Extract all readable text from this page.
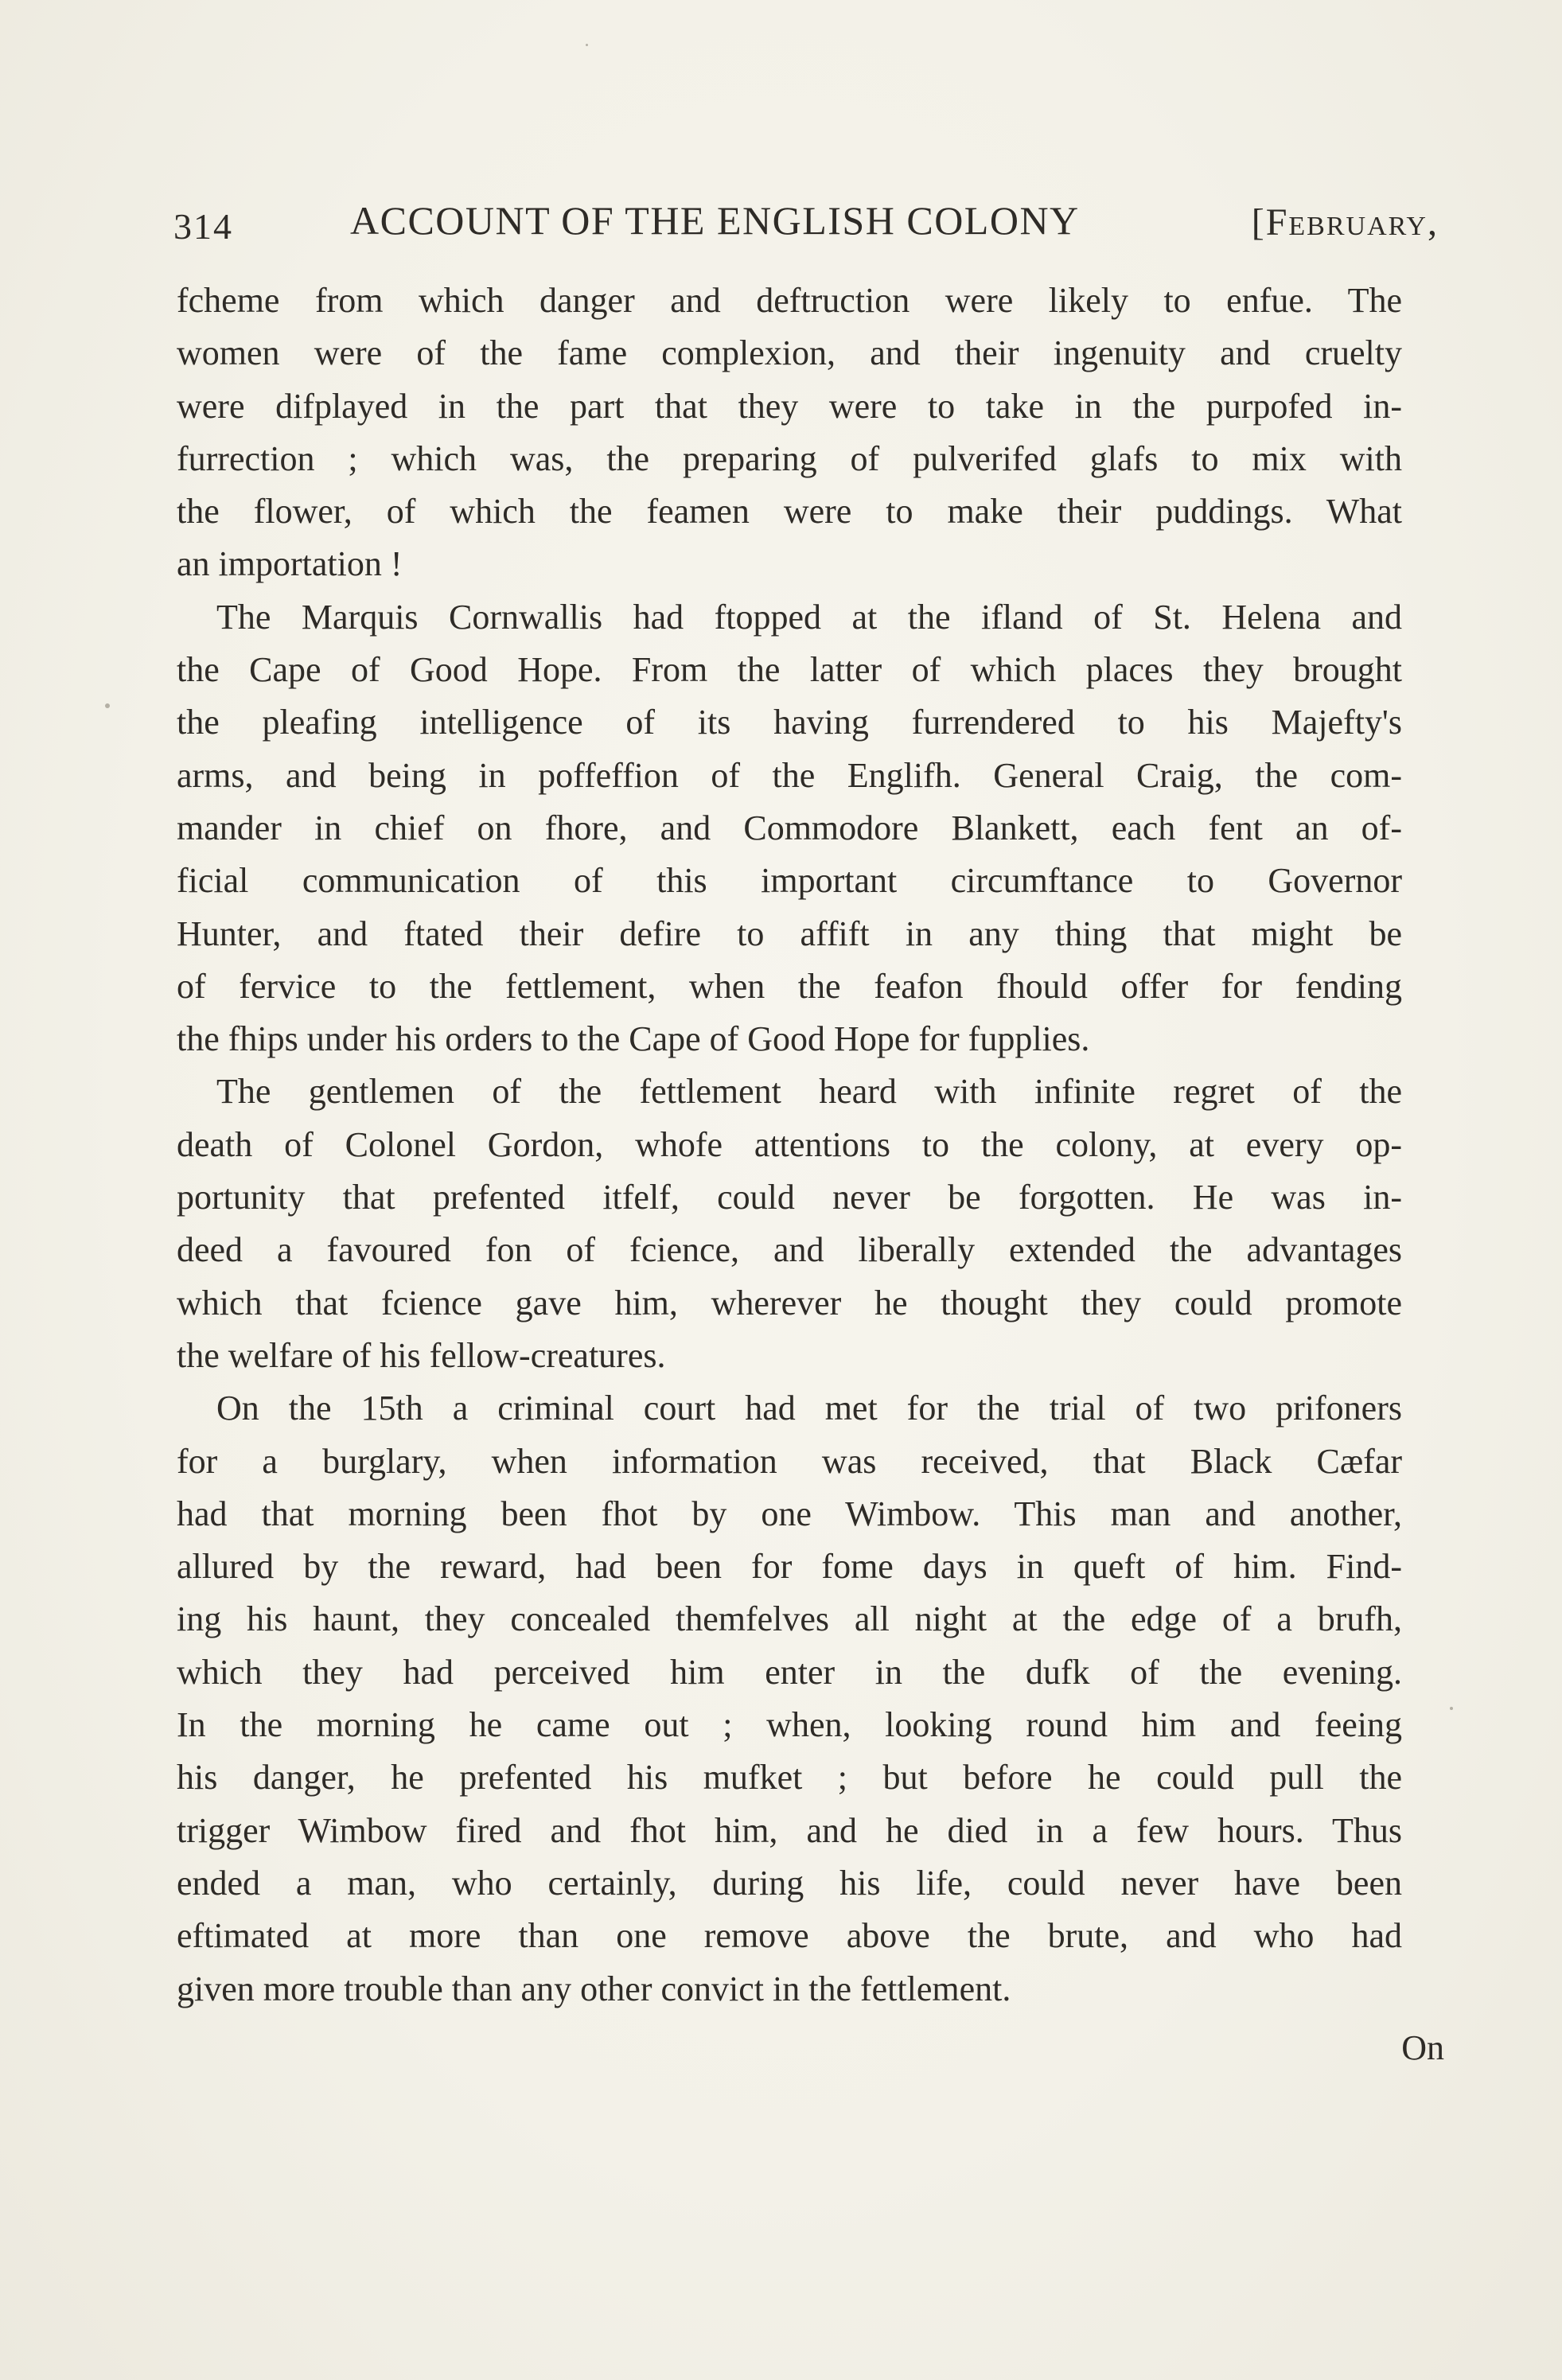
314	ACCOUNT OF THE ENGLISH COLONY	[February,
fcheme from which danger and deftruction were likely to enfue. The
women were of the fame complexion, and their ingenuity and cruelty
were difplayed in the part that they were to take in the purpofed in-
furrection ; which was, the preparing of pulverifed glafs to mix with
the flower, of which the feamen were to make their puddings. What
an importation !
The Marquis Cornwallis had ftopped at the ifland of St. Helena and
the Cape of Good Hope. From the latter of which places they brought
the pleafing intelligence of its having furrendered to his Majefty's
arms, and being in poffeffion of the Englifh. General Craig, the com-
mander in chief on fhore, and Commodore Blankett, each fent an of-
ficial communication of this important circumftance to Governor
Hunter, and ftated their defire to affift in any thing that might be
of fervice to the fettlement, when the feafon fhould offer for fending
the fhips under his orders to the Cape of Good Hope for fupplies.
The gentlemen of the fettlement heard with infinite regret of the
death of Colonel Gordon, whofe attentions to the colony, at every op-
portunity that prefented itfelf, could never be forgotten. He was in-
deed a favoured fon of fcience, and liberally extended the advantages
which that fcience gave him, wherever he thought they could promote
the welfare of his fellow-creatures.
On the 15th a criminal court had met for the trial of two prifoners
for a burglary, when information was received, that Black Cæfar
had that morning been fhot by one Wimbow. This man and another,
allured by the reward, had been for fome days in queft of him. Find-
ing his haunt, they concealed themfelves all night at the edge of a brufh,
which they had perceived him enter in the dufk of the evening.
In the morning he came out ; when, looking round him and feeing
his danger, he prefented his mufket ; but before he could pull the
trigger Wimbow fired and fhot him, and he died in a few hours. Thus
ended a man, who certainly, during his life, could never have been
eftimated at more than one remove above the brute, and who had
given more trouble than any other convict in the fettlement.
On
